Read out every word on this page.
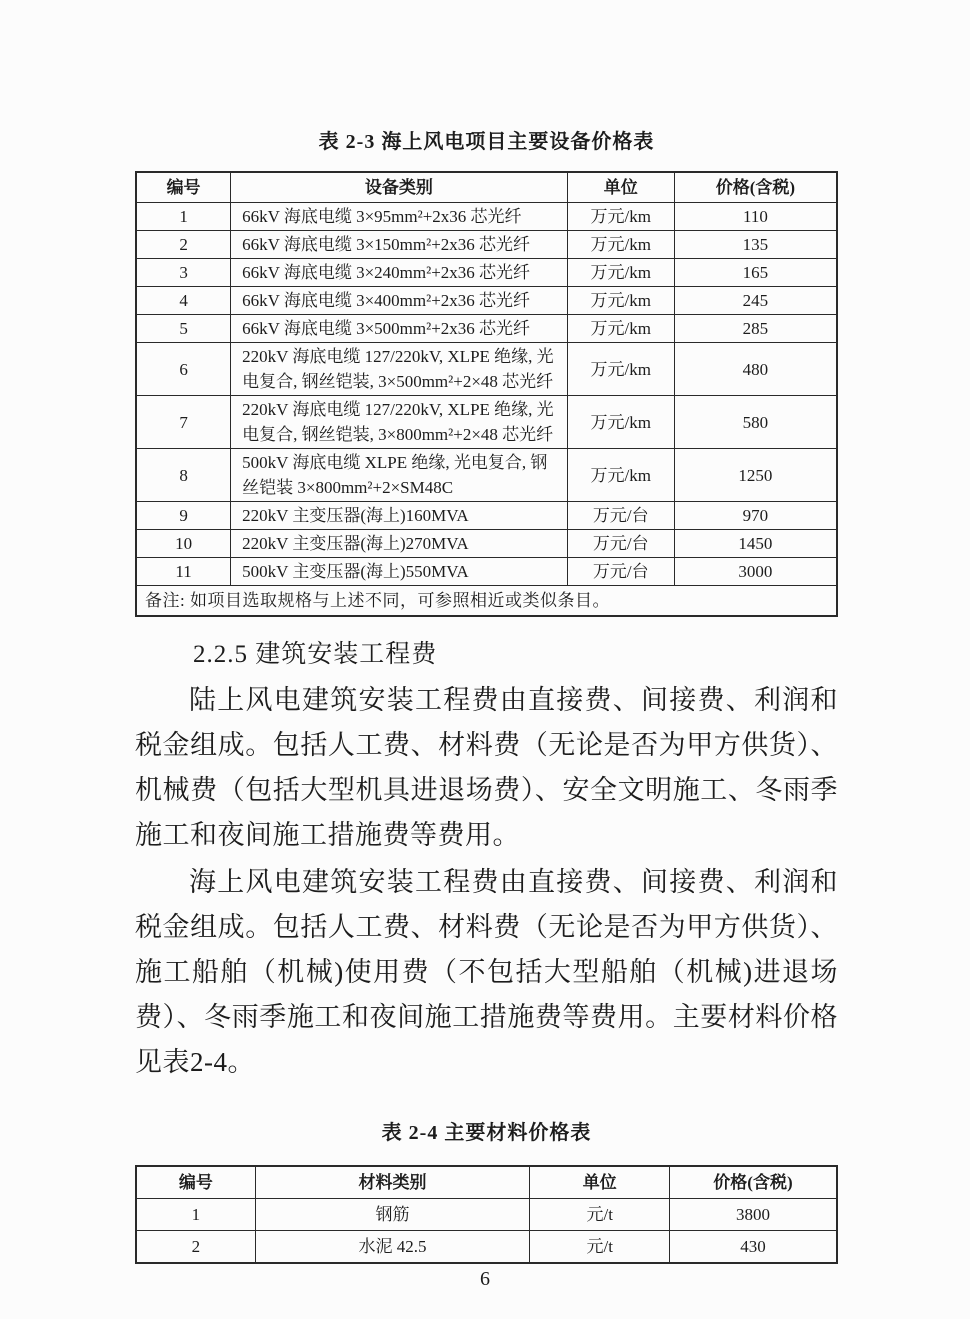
表 2-3 海上风电项目主要设备价格表
编号	设备类别	单位	价格(含税)
1	66kV 海底电缆 3×95mm²+2x36 芯光纤	万元/km	110
2	66kV 海底电缆 3×150mm²+2x36 芯光纤	万元/km	135
3	66kV 海底电缆 3×240mm²+2x36 芯光纤	万元/km	165
4	66kV 海底电缆 3×400mm²+2x36 芯光纤	万元/km	245
5	66kV 海底电缆 3×500mm²+2x36 芯光纤	万元/km	285
6	220kV 海底电缆 127/220kV, XLPE 绝缘, 光电复合, 钢丝铠装, 3×500mm²+2×48 芯光纤	万元/km	480
7	220kV 海底电缆 127/220kV, XLPE 绝缘, 光电复合, 钢丝铠装, 3×800mm²+2×48 芯光纤	万元/km	580
8	500kV 海底电缆 XLPE 绝缘, 光电复合, 钢丝铠装 3×800mm²+2×SM48C	万元/km	1250
9	220kV 主变压器(海上)160MVA	万元/台	970
10	220kV 主变压器(海上)270MVA	万元/台	1450
11	500kV 主变压器(海上)550MVA	万元/台	3000
备注: 如项目选取规格与上述不同，可参照相近或类似条目。			
2.2.5 建筑安装工程费

陆上风电建筑安装工程费由直接费、间接费、利润和税金组成。包括人工费、材料费（无论是否为甲方供货）、机械费（包括大型机具进退场费）、安全文明施工、冬雨季施工和夜间施工措施费等费用。

海上风电建筑安装工程费由直接费、间接费、利润和税金组成。包括人工费、材料费（无论是否为甲方供货）、施工船舶（机械)使用费（不包括大型船舶（机械)进退场费）、冬雨季施工和夜间施工措施费等费用。主要材料价格见表2-4。

表 2-4 主要材料价格表
编号	材料类别	单位	价格(含税)
1	钢筋	元/t	3800
2	水泥 42.5	元/t	430
6
